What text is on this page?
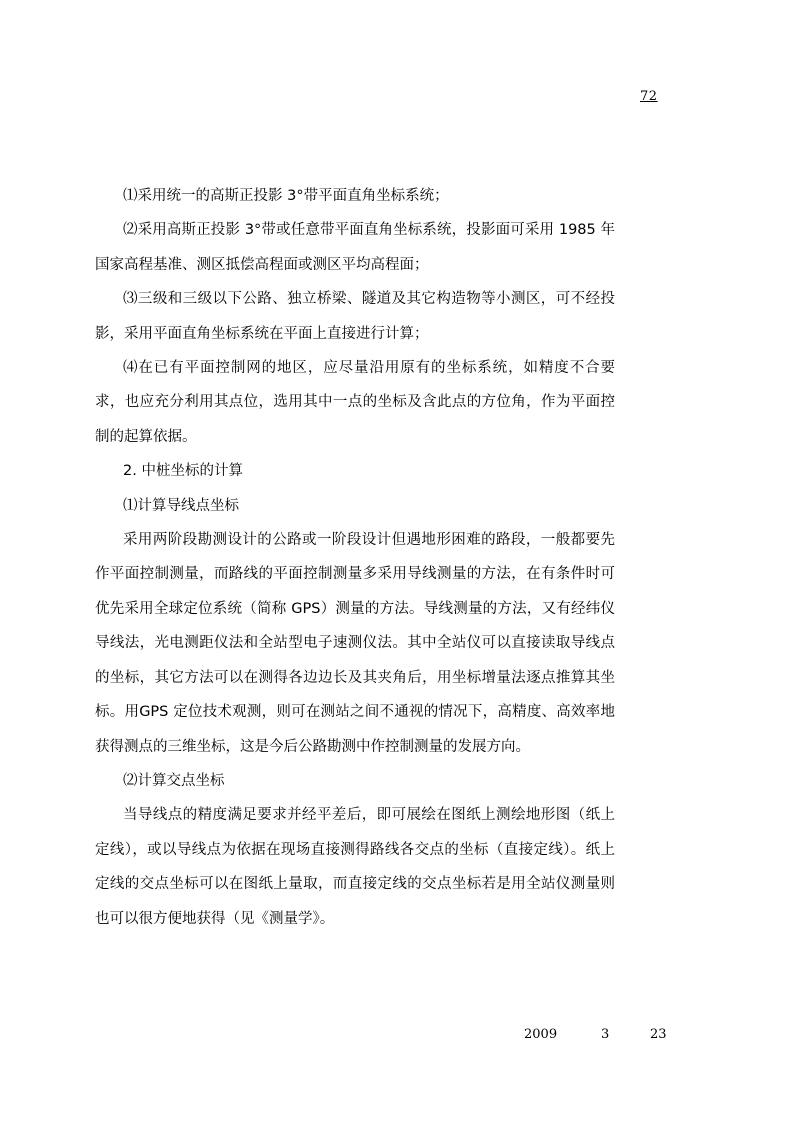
72

⑴采用统一的高斯正投影 3°带平面直角坐标系统；

⑵采用高斯正投影 3°带或任意带平面直角坐标系统，投影面可采用 1985 年国家高程基准、测区抵偿高程面或测区平均高程面；

⑶三级和三级以下公路、独立桥梁、隧道及其它构造物等小测区，可不经投影，采用平面直角坐标系统在平面上直接进行计算；

⑷在已有平面控制网的地区，应尽量沿用原有的坐标系统，如精度不合要求，也应充分利用其点位，选用其中一点的坐标及含此点的方位角，作为平面控制的起算依据。

2. 中桩坐标的计算

⑴计算导线点坐标

采用两阶段勘测设计的公路或一阶段设计但遇地形困难的路段，一般都要先作平面控制测量，而路线的平面控制测量多采用导线测量的方法，在有条件时可优先采用全球定位系统（简称 GPS）测量的方法。导线测量的方法，又有经纬仪导线法，光电测距仪法和全站型电子速测仪法。其中全站仪可以直接读取导线点的坐标，其它方法可以在测得各边边长及其夹角后，用坐标增量法逐点推算其坐标。用GPS 定位技术观测，则可在测站之间不通视的情况下，高精度、高效率地获得测点的三维坐标，这是今后公路勘测中作控制测量的发展方向。

⑵计算交点坐标

当导线点的精度满足要求并经平差后，即可展绘在图纸上测绘地形图（纸上定线），或以导线点为依据在现场直接测得路线各交点的坐标（直接定线）。纸上定线的交点坐标可以在图纸上量取，而直接定线的交点坐标若是用全站仪测量则也可以很方便地获得（见《测量学》。

2009	3	23
